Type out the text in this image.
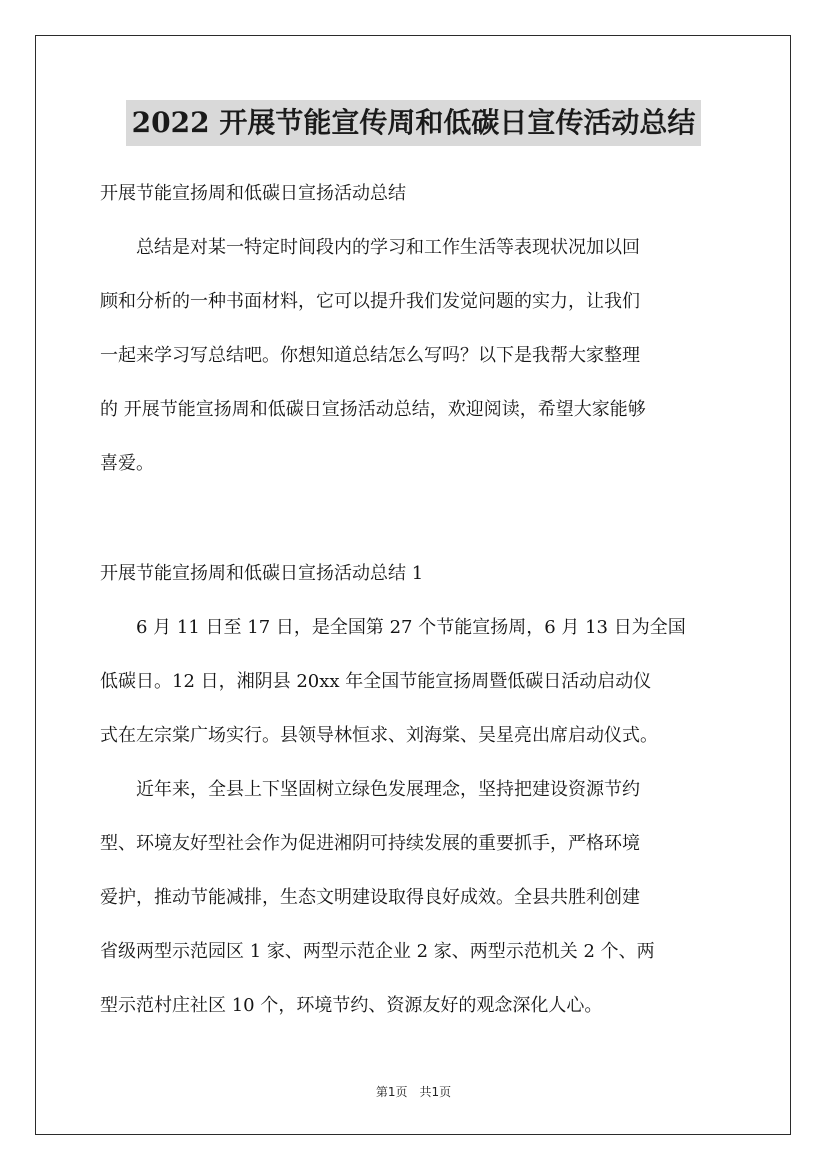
2022 开展节能宣传周和低碳日宣传活动总结
开展节能宣扬周和低碳日宣扬活动总结
　　总结是对某一特定时间段内的学习和工作生活等表现状况加以回
顾和分析的一种书面材料，它可以提升我们发觉问题的实力，让我们
一起来学习写总结吧。你想知道总结怎么写吗？以下是我帮大家整理
的 开展节能宣扬周和低碳日宣扬活动总结，欢迎阅读，希望大家能够
喜爱。
开展节能宣扬周和低碳日宣扬活动总结 1
　　6 月 11 日至 17 日，是全国第 27 个节能宣扬周，6 月 13 日为全国
低碳日。12 日，湘阴县 20xx 年全国节能宣扬周暨低碳日活动启动仪
式在左宗棠广场实行。县领导林恒求、刘海棠、吴星亮出席启动仪式。
　　近年来，全县上下坚固树立绿色发展理念，坚持把建设资源节约
型、环境友好型社会作为促进湘阴可持续发展的重要抓手，严格环境
爱护，推动节能减排，生态文明建设取得良好成效。全县共胜利创建
省级两型示范园区 1 家、两型示范企业 2 家、两型示范机关 2 个、两
型示范村庄社区 10 个，环境节约、资源友好的观念深化人心。
第1页　共1页
